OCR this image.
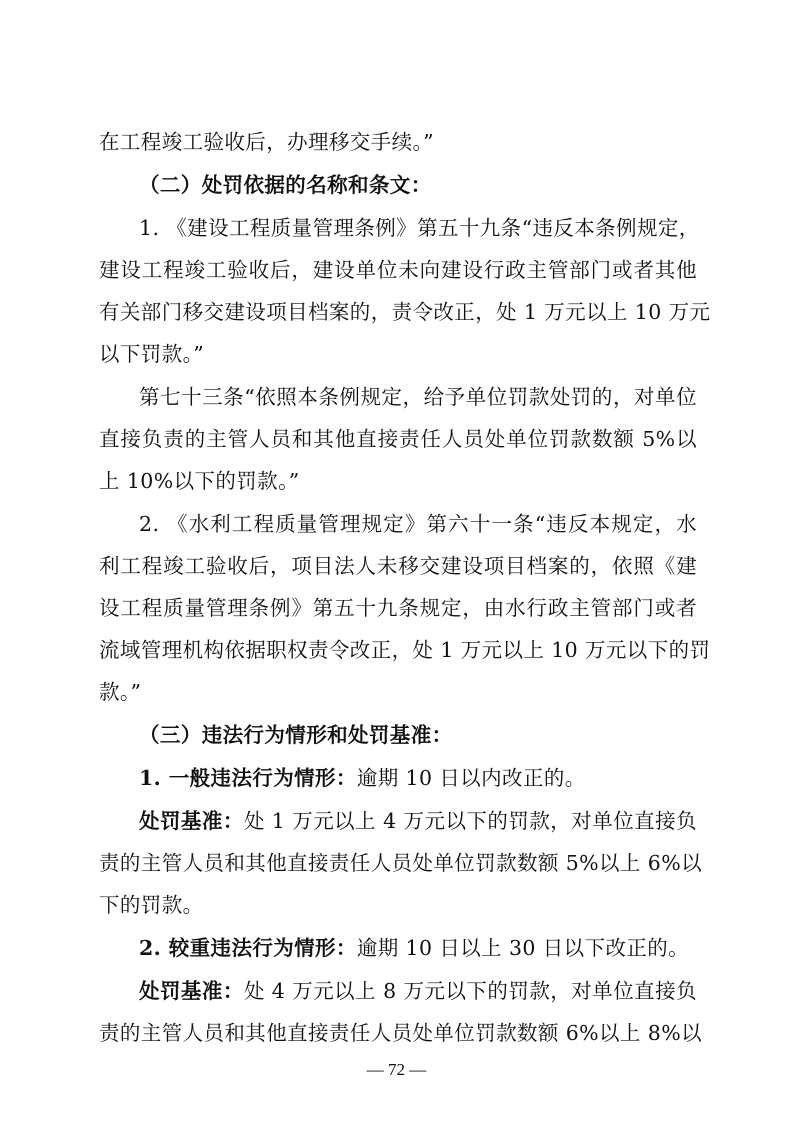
在工程竣工验收后，办理移交手续。”
（二）处罚依据的名称和条文：
1. 《建设工程质量管理条例》第五十九条“违反本条例规定，
建设工程竣工验收后，建设单位未向建设行政主管部门或者其他
有关部门移交建设项目档案的，责令改正，处 1 万元以上 10 万元
以下罚款。”
第七十三条“依照本条例规定，给予单位罚款处罚的，对单位
直接负责的主管人员和其他直接责任人员处单位罚款数额 5%以
上 10%以下的罚款。”
2. 《水利工程质量管理规定》第六十一条“违反本规定，水
利工程竣工验收后，项目法人未移交建设项目档案的，依照《建
设工程质量管理条例》第五十九条规定，由水行政主管部门或者
流域管理机构依据职权责令改正，处 1 万元以上 10 万元以下的罚
款。”
（三）违法行为情形和处罚基准：
1. 一般违法行为情形：逾期 10 日以内改正的。
处罚基准：处 1 万元以上 4 万元以下的罚款，对单位直接负
责的主管人员和其他直接责任人员处单位罚款数额 5%以上 6%以
下的罚款。
2. 较重违法行为情形：逾期 10 日以上 30 日以下改正的。
处罚基准：处 4 万元以上 8 万元以下的罚款，对单位直接负
责的主管人员和其他直接责任人员处单位罚款数额 6%以上 8%以
— 72 —
